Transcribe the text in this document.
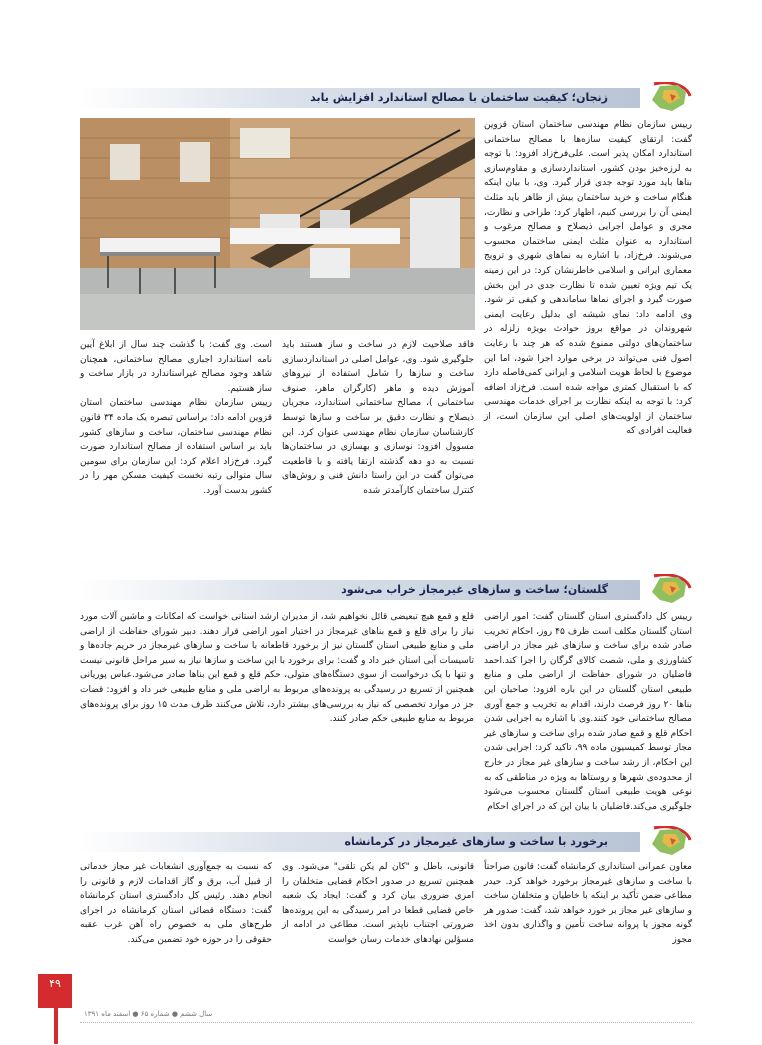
زنجان؛ کیفیت ساختمان با مصالح استاندارد افزایش یابد
رییس سازمان نظام مهندسی ساختمان استان قزوین گفت: ارتقای کیفیت سازه‌ها با مصالح ساختمانی استاندارد امکان پذیر است. علی‌فرخ‌زاد افزود: با توجه به لرزه‌خیز بودن کشور، استانداردسازی و مقاوم‌سازی بناها باید مورد توجه جدی قرار گیرد. وی، با بیان اینکه هنگام ساخت و خرید ساختمان بیش از ظاهر باید مثلث ایمنی آن را بررسی کنیم، اظهار کرد: طراحی و نظارت، مجری و عوامل اجرایی ذیصلاح و مصالح مرغوب و استاندارد به عنوان مثلث ایمنی ساختمان محسوب می‌شوند. فرخ‌زاد، با اشاره به نماهای شهری و ترویج معماری ایرانی و اسلامی خاطرنشان کرد: در این زمینه یک تیم ویژه تعیین شده تا نظارت جدی در این بخش صورت گیرد و اجرای نماها ساماندهی و کیفی تر شود. وی ادامه داد: نمای شیشه ای بدلیل رعایت ایمنی شهروندان در مواقع بروز حوادث بویژه زلزله در ساختمان‌های دولتی ممنوع شده که هر چند با رعایت اصول فنی می‌تواند در برخی موارد اجرا شود، اما این موضوع با لحاظ هویت اسلامی و ایرانی کمی‌فاصله دارد که با استقبال کمتری مواجه شده است. فرخ‌زاد اضافه کرد: با توجه به اینکه نظارت بر اجرای خدمات مهندسی ساختمان از اولویت‌های اصلی این سازمان است، از فعالیت افرادی که
فاقد صلاحیت لازم در ساخت و ساز هستند باید جلوگیری شود. وی، عوامل اصلی در استانداردسازی ساخت و سازها را شامل استفاده از نیروهای آموزش دیده و ماهر (کارگران ماهر، صنوف ساختمانی )، مصالح ساختمانی استاندارد، مجریان ذیصلاح و نظارت دقیق بر ساخت و سازها توسط کارشناسان سازمان نظام مهندسی عنوان کرد. این مسوول افزود: نوسازی و بهسازی در ساختمان‌ها نسبت به دو دهه گذشته ارتقا یافته و با قاطعیت می‌توان گفت در این راستا دانش فنی و روش‌های کنترل ساختمان کارآمدتر شده

است. وی گفت: با گذشت چند سال از ابلاغ آیین نامه استاندارد اجباری مصالح ساختمانی، همچنان شاهد وجود مصالح غیراستاندارد در بازار ساخت و ساز هستیم.

رییس سازمان نظام مهندسی ساختمان استان قزوین ادامه داد: براساس تبصره یک ماده ۳۴ قانون نظام مهندسی ساختمان، ساخت و سازهای کشور باید بر اساس استفاده از مصالح استاندارد صورت گیرد. فرخ‌زاد اعلام کرد: این سازمان برای سومین سال متوالی رتبه نخست کیفیت مسکن مهر را در کشور بدست آورد.

گلستان؛ ساخت و سازهای غیرمجاز خراب می‌شود
رییس کل دادگستری استان گلستان گفت: امور اراضی استان گلستان مکلف است ظرف ۴۵ روز، احکام تخریب صادر شده برای ساخت و سازهای غیر مجاز در اراضی کشاورزی و ملی، شصت کالای گرگان را اجرا کند.احمد فاضلیان در شورای حفاظت از اراضی ملی و منابع طبیعی استان گلستان در این باره افزود: صاحبان این بناها ۲۰ روز فرصت دارند، اقدام به تخریب و جمع آوری مصالح ساختمانی خود کنند.وی با اشاره به اجرایی شدن احکام قلع و قمع صادر شده برای ساخت و سازهای غیر مجاز توسط کمیسیون ماده ۹۹، تاکید کرد: اجرایی شدن این احکام، از رشد ساخت و سازهای غیر مجاز در خارج از محدوده‌ی شهرها و روستاها به ویژه در مناطقی که به نوعی هویت طبیعی استان گلستان محسوب می‌شود جلوگیری می‌کند.فاضلیان با بیان این که در اجرای احکام
قلع و قمع هیچ تبعیضی قائل نخواهیم شد، از مدیران ارشد استانی خواست که امکانات و ماشین آلات مورد نیاز را برای قلع و قمع بناهای غیرمجاز در اختیار امور اراضی قرار دهند. دبیر شورای حفاظت از اراضی ملی و منابع طبیعی استان گلستان نیز از برخورد قاطعانه با ساخت و سازهای غیرمجاز در حریم جاده‌ها و تاسیسات آبی استان خبر داد و گفت: برای برخورد با این ساخت و سازها نیاز به سیر مراحل قانونی نیست و تنها با یک درخواست از سوی دستگاه‌های متولی، حکم قلع و قمع این بناها صادر می‌شود.عباس پوریانی همچنین از تسریع در رسیدگی به پرونده‌های مربوط به اراضی ملی و منابع طبیعی خبر داد و افزود: قضات جز در موارد تخصصی که نیاز به بررسی‌های بیشتر دارد، تلاش می‌کنند ظرف مدت ۱۵ روز برای پرونده‌های مربوط به منابع طبیعی حکم صادر کنند.
برخورد با ساخت و سازهای غیرمجاز در کرمانشاه
معاون عمرانی استانداری کرمانشاه گفت: قانون صراحتاً با ساخت و سازهای غیرمجاز برخورد خواهد کرد. حیدر مطاعی ضمن تأکید بر اینکه با خاطیان و متخلفان ساخت و سازهای غیر مجاز بر خورد خواهد شد، گفت: صدور هر گونه مجوز یا پروانه ساخت تأمین و واگذاری بدون اخذ مجوز
قانونی، باطل و "کان لم یکن تلقی" می‌شود. وی همچنین تسریع در صدور احکام قضایی متخلفان را امری ضروری بیان کرد و گفت: ایجاد یک شعبه خاص قضایی قطعا در امر رسیدگی به این پرونده‌ها ضرورتی اجتناب ناپذیر است. مطاعی در ادامه از مسؤلین نهادهای خدمات رسان خواست
که نسبت به جمع‌آوری انشعابات غیر مجاز خدماتی از قبیل آب، برق و گاز اقدامات لازم و قانونی را انجام دهند. رئیس کل دادگستری استان کرمانشاه گفت: دستگاه قضائی استان کرمانشاه در اجرای طرح‌های ملی به خصوص راه آهن غرب عقبه حقوقی را در حوزه خود تضمین می‌کند.
۴۹
سال ششم ● شماره ۶۵ ● اسفند ماه ۱۳۹۱
